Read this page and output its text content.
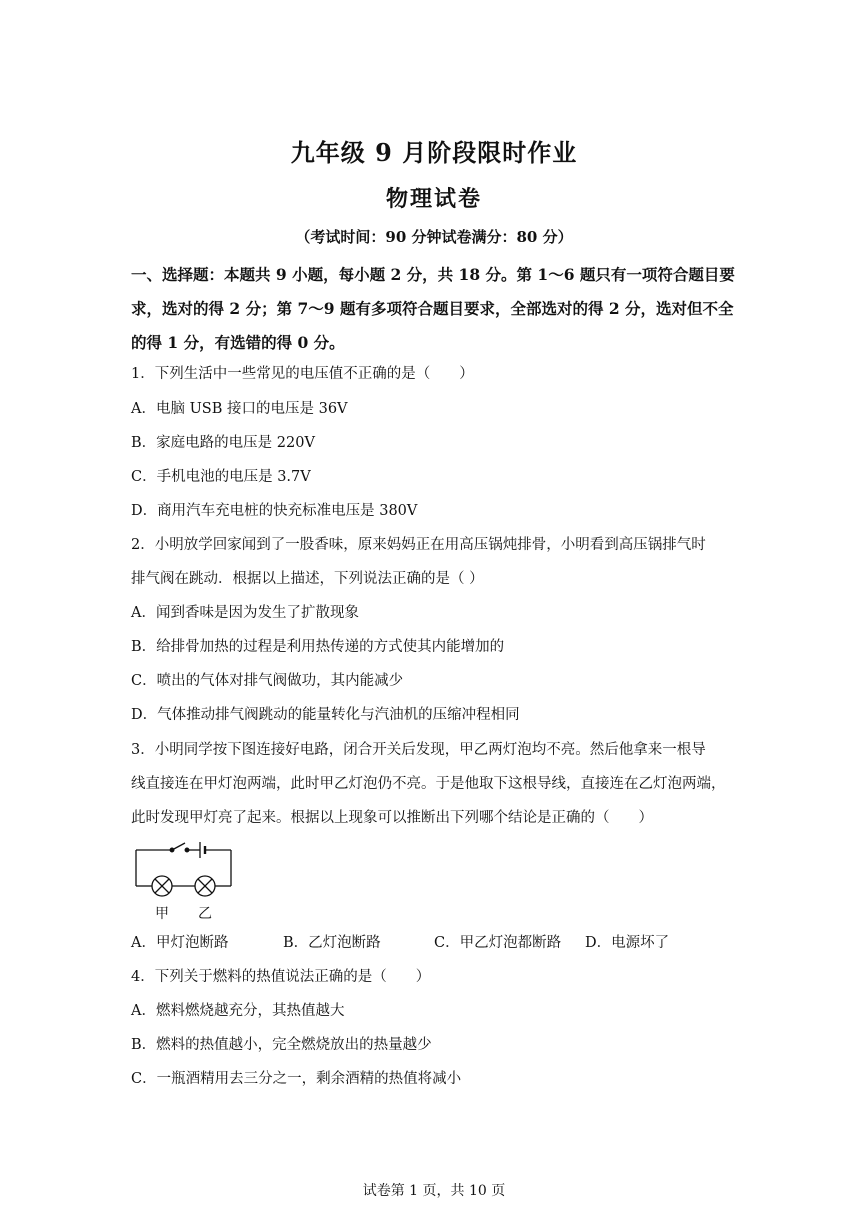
九年级 9 月阶段限时作业
物理试卷
（考试时间：90 分钟试卷满分：80 分）
一、选择题：本题共 9 小题，每小题 2 分，共 18 分。第 1～6 题只有一项符合题目要求，选对的得 2 分；第 7～9 题有多项符合题目要求，全部选对的得 2 分，选对但不全的得 1 分，有选错的得 0 分。
1．下列生活中一些常见的电压值不正确的是（　　）
A．电脑 USB 接口的电压是 36V
B．家庭电路的电压是 220V
C．手机电池的电压是 3.7V
D．商用汽车充电桩的快充标准电压是 380V
2．小明放学回家闻到了一股香味，原来妈妈正在用高压锅炖排骨，小明看到高压锅排气时
排气阀在跳动．根据以上描述，下列说法正确的是（ ）
A．闻到香味是因为发生了扩散现象
B．给排骨加热的过程是利用热传递的方式使其内能增加的
C．喷出的气体对排气阀做功，其内能减少
D．气体推动排气阀跳动的能量转化与汽油机的压缩冲程相同
3．小明同学按下图连接好电路，闭合开关后发现，甲乙两灯泡均不亮。然后他拿来一根导
线直接连在甲灯泡两端，此时甲乙灯泡仍不亮。于是他取下这根导线，直接连在乙灯泡两端，
此时发现甲灯亮了起来。根据以上现象可以推断出下列哪个结论是正确的（　　）
甲 乙
A．甲灯泡断路	B．乙灯泡断路	C．甲乙灯泡都断路 D．电源坏了
4．下列关于燃料的热值说法正确的是（　　）
A．燃料燃烧越充分，其热值越大
B．燃料的热值越小，完全燃烧放出的热量越少
C．一瓶酒精用去三分之一，剩余酒精的热值将减小
试卷第 1 页，共 10 页
